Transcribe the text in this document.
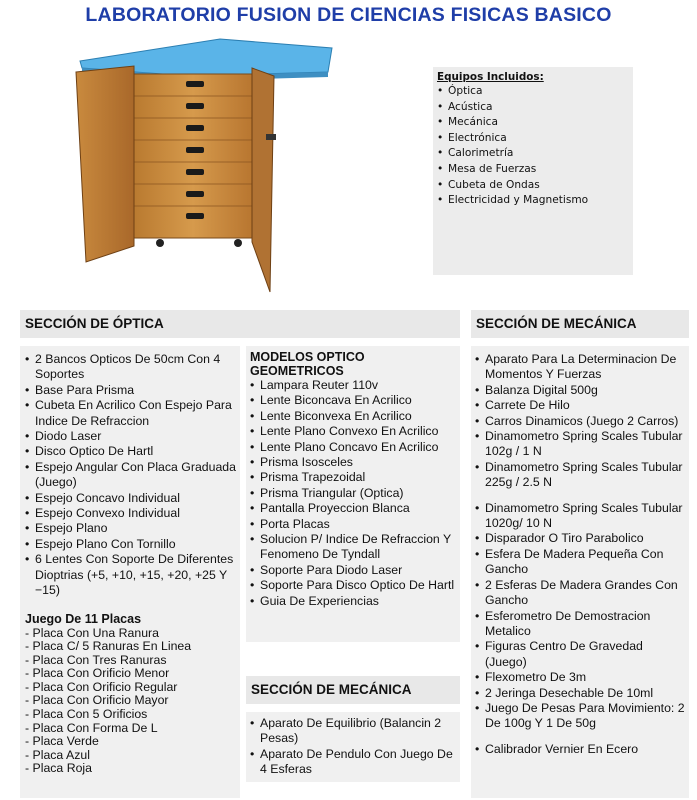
LABORATORIO FUSION DE CIENCIAS FISICAS BASICO
Equipos Incluidos:
• Óptica
• Acústica
• Mecánica
• Electrónica
• Calorimetría
• Mesa de Fuerzas
• Cubeta de Ondas
• Electricidad y Magnetismo
SECCIÓN DE ÓPTICA	SECCIÓN DE MECÁNICA
• 2 Bancos Opticos De 50cm Con 4 Soportes
• Base Para Prisma
• Cubeta En Acrilico Con Espejo Para Indice De Refraccion
• Diodo Laser
• Disco Optico De Hartl
• Espejo Angular Con Placa Graduada (Juego)
• Espejo Concavo Individual
• Espejo Convexo Individual
• Espejo Plano
• Espejo Plano Con Tornillo
• 6 Lentes Con Soporte De Diferentes Dioptrias (+5, +10, +15, +20, +25 Y −15)
Juego De 11 Placas
- Placa Con Una Ranura
- Placa C/ 5 Ranuras En Linea
- Placa Con Tres Ranuras
- Placa Con Orificio Menor
- Placa Con Orificio Regular
- Placa Con Orificio Mayor
- Placa Con 5 Orificios
- Placa Con Forma De L
- Placa Verde
- Placa Azul
- Placa Roja
MODELOS OPTICO GEOMETRICOS
• Lampara Reuter 110v
• Lente Biconcava En Acrilico
• Lente Biconvexa En Acrilico
• Lente Plano Convexo En Acrilico
• Lente Plano Concavo En Acrilico
• Prisma Isosceles
• Prisma Trapezoidal
• Prisma Triangular (Optica)
• Pantalla Proyeccion Blanca
• Porta Placas
• Solucion P/ Indice De Refraccion Y Fenomeno De Tyndall
• Soporte Para Diodo Laser
• Soporte Para Disco Optico De Hartl
• Guia De Experiencias
SECCIÓN DE MECÁNICA
• Aparato De Equilibrio (Balancin 2 Pesas)
• Aparato De Pendulo Con Juego De 4 Esferas
• Aparato Para La Determinacion De Momentos Y Fuerzas
• Balanza Digital 500g
• Carrete De Hilo
• Carros Dinamicos (Juego 2 Carros)
• Dinamometro Spring Scales Tubular 102g / 1 N
• Dinamometro Spring Scales Tubular 225g / 2.5 N
• Dinamometro Spring Scales Tubular 1020g/ 10 N
• Disparador O Tiro Parabolico
• Esfera De Madera Pequeña Con Gancho
• 2 Esferas De Madera Grandes Con Gancho
• Esferometro De Demostracion Metalico
• Figuras Centro De Gravedad (Juego)
• Flexometro De 3m
• 2 Jeringa Desechable De 10ml
• Juego De Pesas Para Movimiento: 2 De 100g Y 1 De 50g
• Calibrador Vernier En Ecero
